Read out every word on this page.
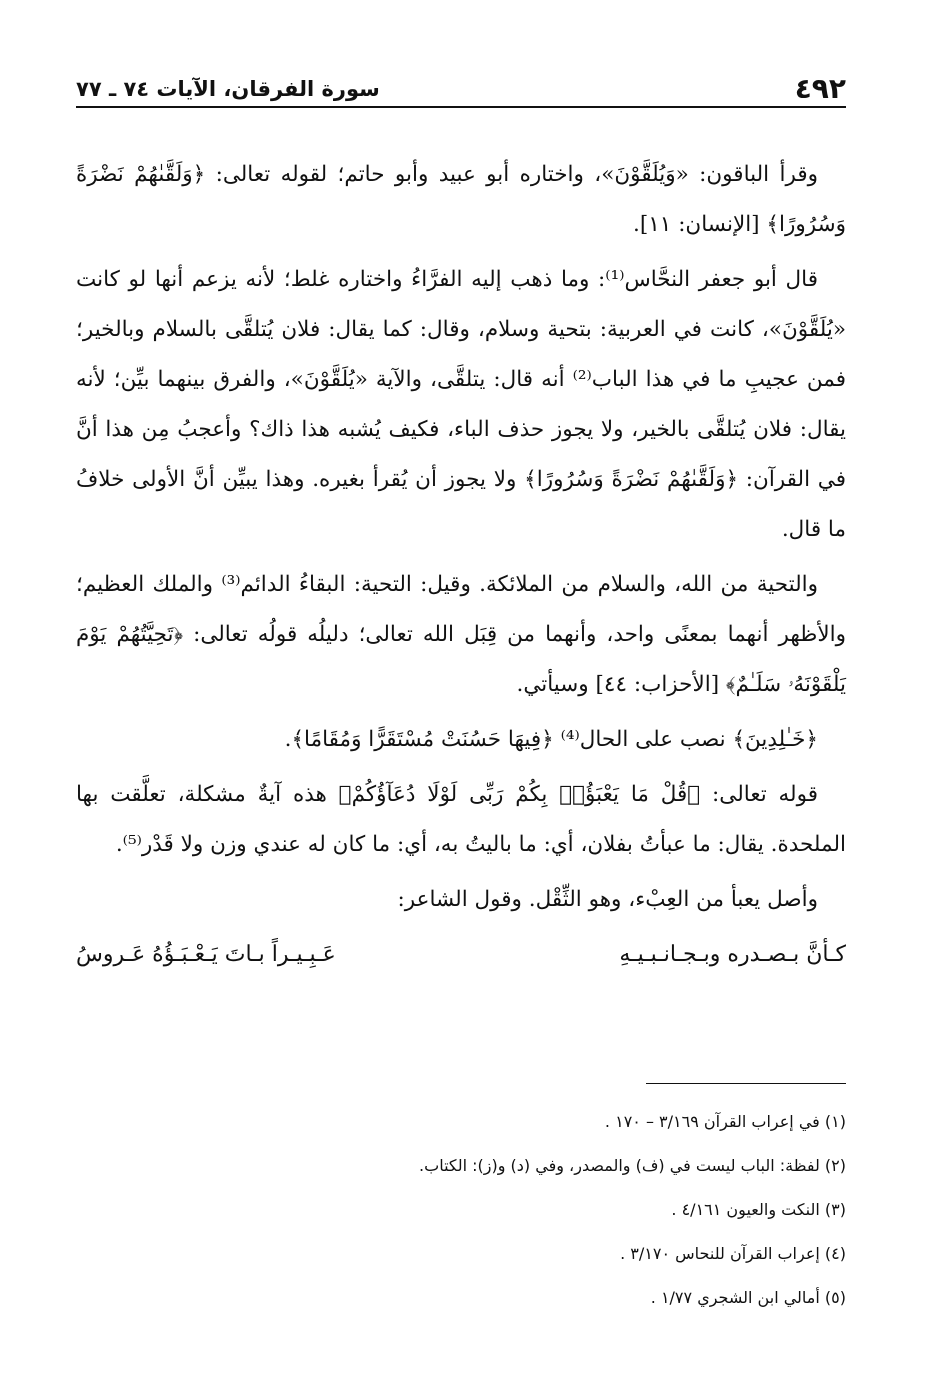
٤٩٢
سورة الفرقان، الآيات ٧٤ ـ ٧٧

وقرأ الباقون: «وَيُلَقَّوْنَ»، واختاره أبو عبيد وأبو حاتم؛ لقوله تعالى: ﴿وَلَقَّىٰهُمْ نَضْرَةً وَسُرُورًا﴾ [الإنسان: ١١].

قال أبو جعفر النحَّاس⁽¹⁾: وما ذهب إليه الفرَّاءُ واختاره غلط؛ لأنه يزعم أنها لو كانت «يُلَقَّوْنَ»، كانت في العربية: بتحية وسلام، وقال: كما يقال: فلان يُتلقَّى بالسلام وبالخير؛ فمن عجيبِ ما في هذا الباب⁽²⁾ أنه قال: يتلقَّى، والآية «يُلَقَّوْنَ»، والفرق بينهما بيِّن؛ لأنه يقال: فلان يُتلقَّى بالخير، ولا يجوز حذف الباء، فكيف يُشبه هذا ذاك؟ وأعجبُ مِن هذا أنَّ في القرآن: ﴿وَلَقَّىٰهُمْ نَضْرَةً وَسُرُورًا﴾ ولا يجوز أن يُقرأ بغيره. وهذا يبيِّن أنَّ الأولى خلافُ ما قال.

والتحية من الله، والسلام من الملائكة. وقيل: التحية: البقاءُ الدائم⁽³⁾ والملك العظيم؛ والأظهر أنهما بمعنًى واحد، وأنهما من قِبَل الله تعالى؛ دليلُه قولُه تعالى: ﴿تَحِيَّتُهُمْ يَوْمَ يَلْقَوْنَهُۥ سَلَـٰمٌ﴾ [الأحزاب: ٤٤] وسيأتي.

﴿خَـٰلِدِينَ﴾ نصب على الحال⁽⁴⁾ ﴿فِيهَا حَسُنَتْ مُسْتَقَرًّا وَمُقَامًا﴾.

قوله تعالى: ﴿قُلْ مَا يَعْبَؤُا۟ بِكُمْ رَبِّى لَوْلَا دُعَآؤُكُمْ﴾ هذه آيةٌ مشكلة، تعلَّقت بها الملحدة. يقال: ما عبأتُ بفلان، أي: ما باليتُ به، أي: ما كان له عندي وزن ولا قَدْر⁽⁵⁾.

وأصل يعبأ من العِبْء، وهو الثِّقْل. وقول الشاعر:

كـأنَّ بـصـدره وبـجـانـبـيـهِ
عَـبِـيـراً بـاتَ يَـعْـبَـؤُهُ عَـروسُ

(١) في إعراب القرآن ٣/١٦٩ – ١٧٠ .

(٢) لفظة: الباب ليست في (ف) والمصدر، وفي (د) و(ز): الكتاب.

(٣) النكت والعيون ٤/١٦١ .

(٤) إعراب القرآن للنحاس ٣/١٧٠ .

(٥) أمالي ابن الشجري ١/٧٧ .
